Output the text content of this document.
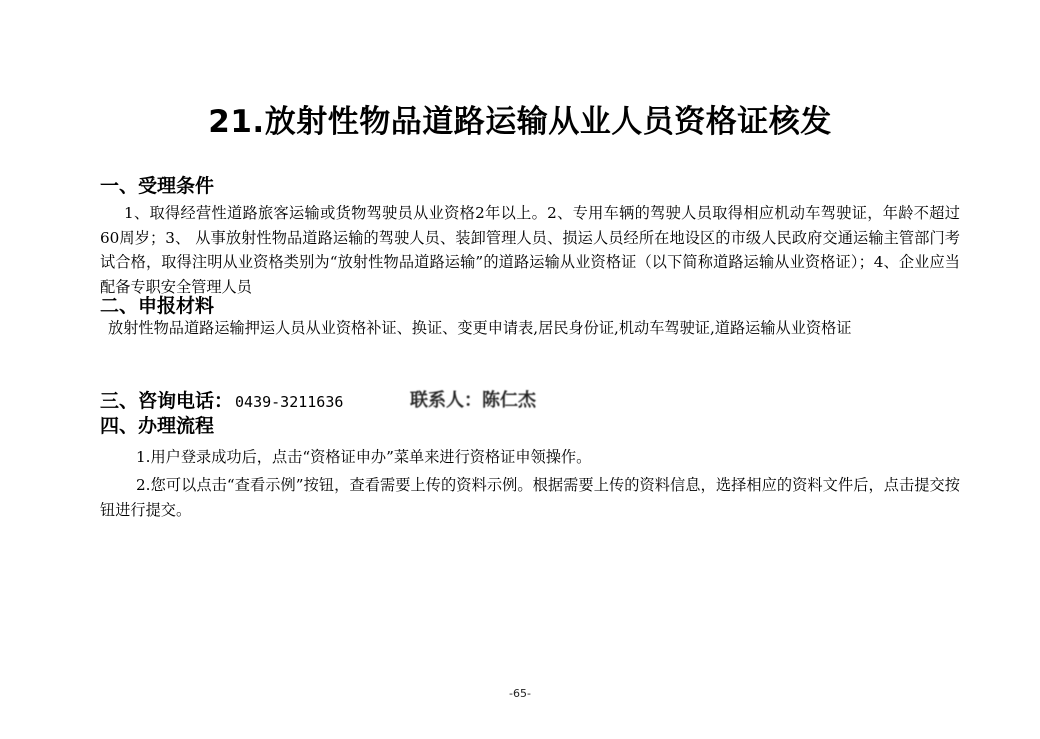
21.放射性物品道路运输从业人员资格证核发
一、受理条件
1、取得经营性道路旅客运输或货物驾驶员从业资格2年以上。2、专用车辆的驾驶人员取得相应机动车驾驶证，年龄不超过60周岁；3、 从事放射性物品道路运输的驾驶人员、装卸管理人员、损运人员经所在地设区的市级人民政府交通运输主管部门考试合格，取得注明从业资格类别为“放射性物品道路运输”的道路运输从业资格证（以下简称道路运输从业资格证）；4、企业应当配备专职安全管理人员
二、申报材料
放射性物品道路运输押运人员从业资格补证、换证、变更申请表,居民身份证,机动车驾驶证,道路运输从业资格证
三、咨询电话： 0439-3211636	联系人：陈仁杰
四、办理流程
1.用户登录成功后，点击“资格证申办”菜单来进行资格证申领操作。
2.您可以点击“查看示例”按钮，查看需要上传的资料示例。根据需要上传的资料信息，选择相应的资料文件后，点击提交按钮进行提交。
-65-
